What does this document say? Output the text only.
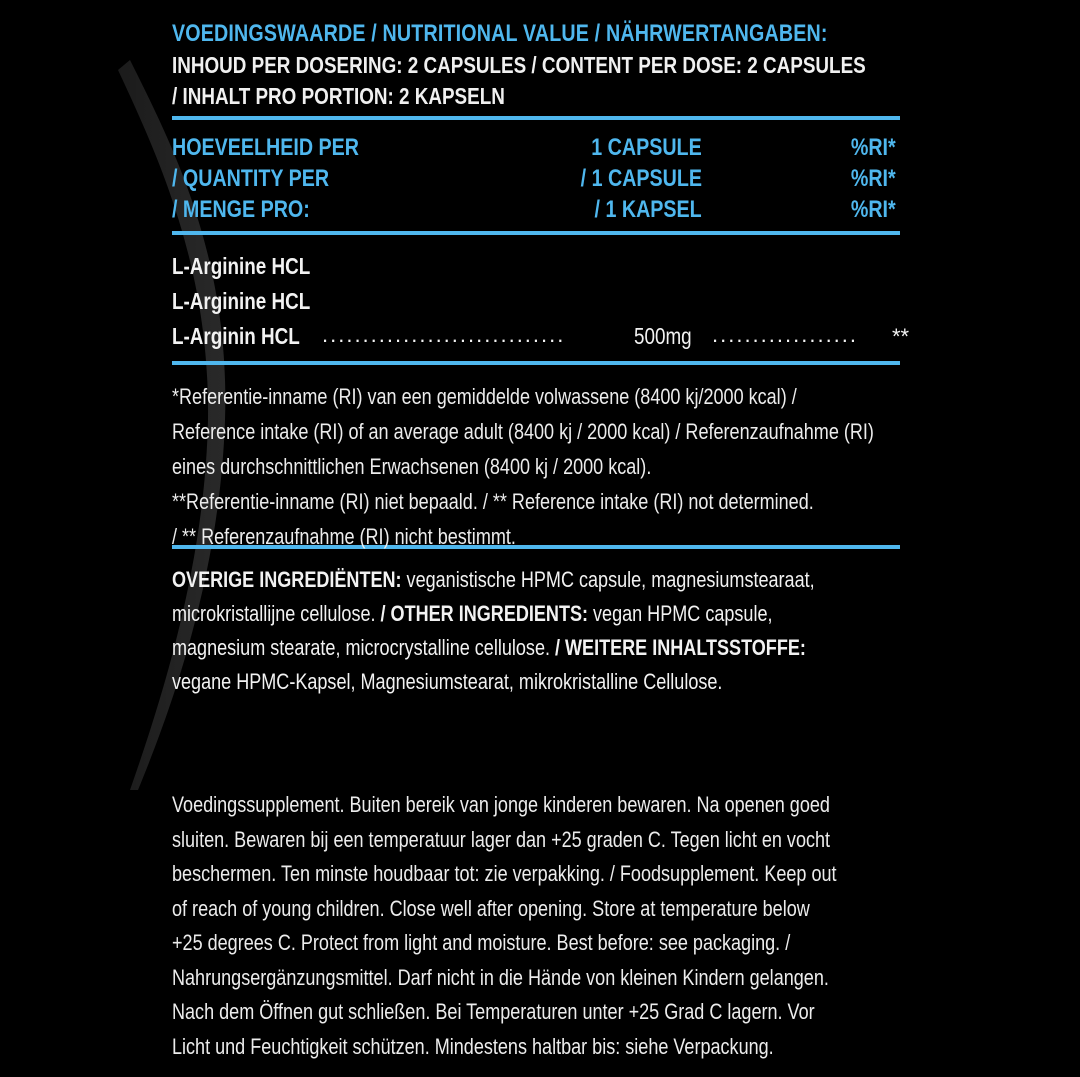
VOEDINGSWAARDE / NUTRITIONAL VALUE / NÄHRWERTANGABEN:
INHOUD PER DOSERING: 2 CAPSULES / CONTENT PER DOSE: 2 CAPSULES
/ INHALT PRO PORTION: 2 KAPSELN
HOEVEELHEID PER	1 CAPSULE	%RI*
/ QUANTITY PER	/ 1 CAPSULE	%RI*
/ MENGE PRO:	/ 1 KAPSEL	%RI*
L-Arginine HCL
L-Arginine HCL
L-Arginin HCL ..............................	500mg .................. **
*Referentie-inname (RI) van een gemiddelde volwassene (8400 kj/2000 kcal) /
Reference intake (RI) of an average adult (8400 kj / 2000 kcal) / Referenzaufnahme (RI)
eines durchschnittlichen Erwachsenen (8400 kj / 2000 kcal).
**Referentie-inname (RI) niet bepaald. / ** Reference intake (RI) not determined.
/ ** Referenzaufnahme (RI) nicht bestimmt.
OVERIGE INGREDIËNTEN: veganistische HPMC capsule, magnesiumstearaat,
microkristallijne cellulose. / OTHER INGREDIENTS: vegan HPMC capsule,
magnesium stearate, microcrystalline cellulose. / WEITERE INHALTSSTOFFE:
vegane HPMC-Kapsel, Magnesiumstearat, mikrokristalline Cellulose.
Voedingssupplement. Buiten bereik van jonge kinderen bewaren. Na openen goed
sluiten. Bewaren bij een temperatuur lager dan +25 graden C. Tegen licht en vocht
beschermen. Ten minste houdbaar tot: zie verpakking. / Foodsupplement. Keep out
of reach of young children. Close well after opening. Store at temperature below
+25 degrees C. Protect from light and moisture. Best before: see packaging. /
Nahrungsergänzungsmittel. Darf nicht in die Hände von kleinen Kindern gelangen.
Nach dem Öffnen gut schließen. Bei Temperaturen unter +25 Grad C lagern. Vor
Licht und Feuchtigkeit schützen. Mindestens haltbar bis: siehe Verpackung.
